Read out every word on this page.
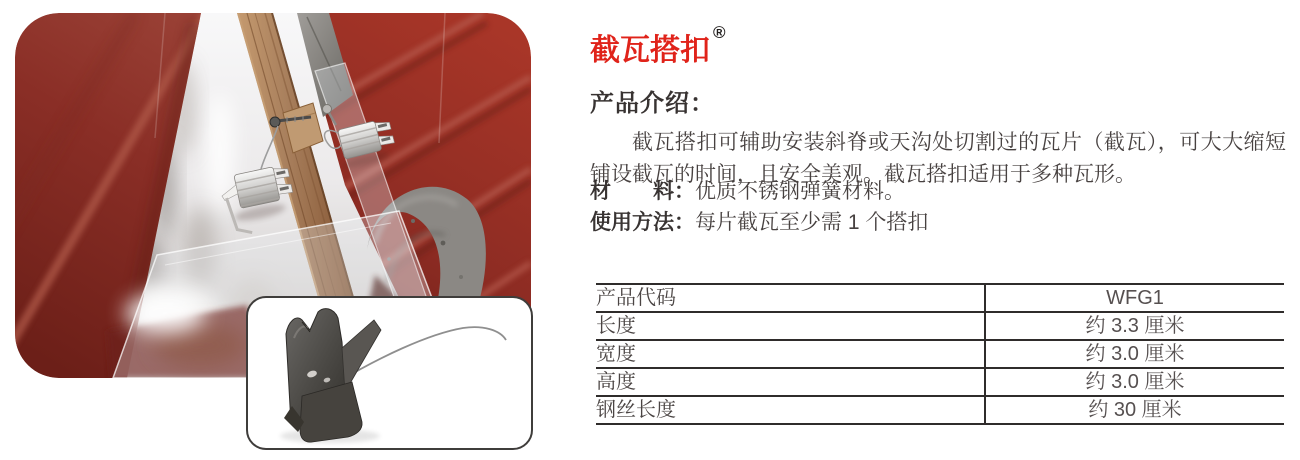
截瓦搭扣®
产品介绍：

截瓦搭扣可辅助安装斜脊或天沟处切割过的瓦片（截瓦），可大大缩短铺设截瓦的时间，且安全美观。截瓦搭扣适用于多种瓦形。

材　　料：优质不锈钢弹簧材料。
使用方法：每片截瓦至少需 1 个搭扣
产品代码	WFG1
长度	约 3.3 厘米
宽度	约 3.0 厘米
高度	约 3.0 厘米
钢丝长度	约 30 厘米
